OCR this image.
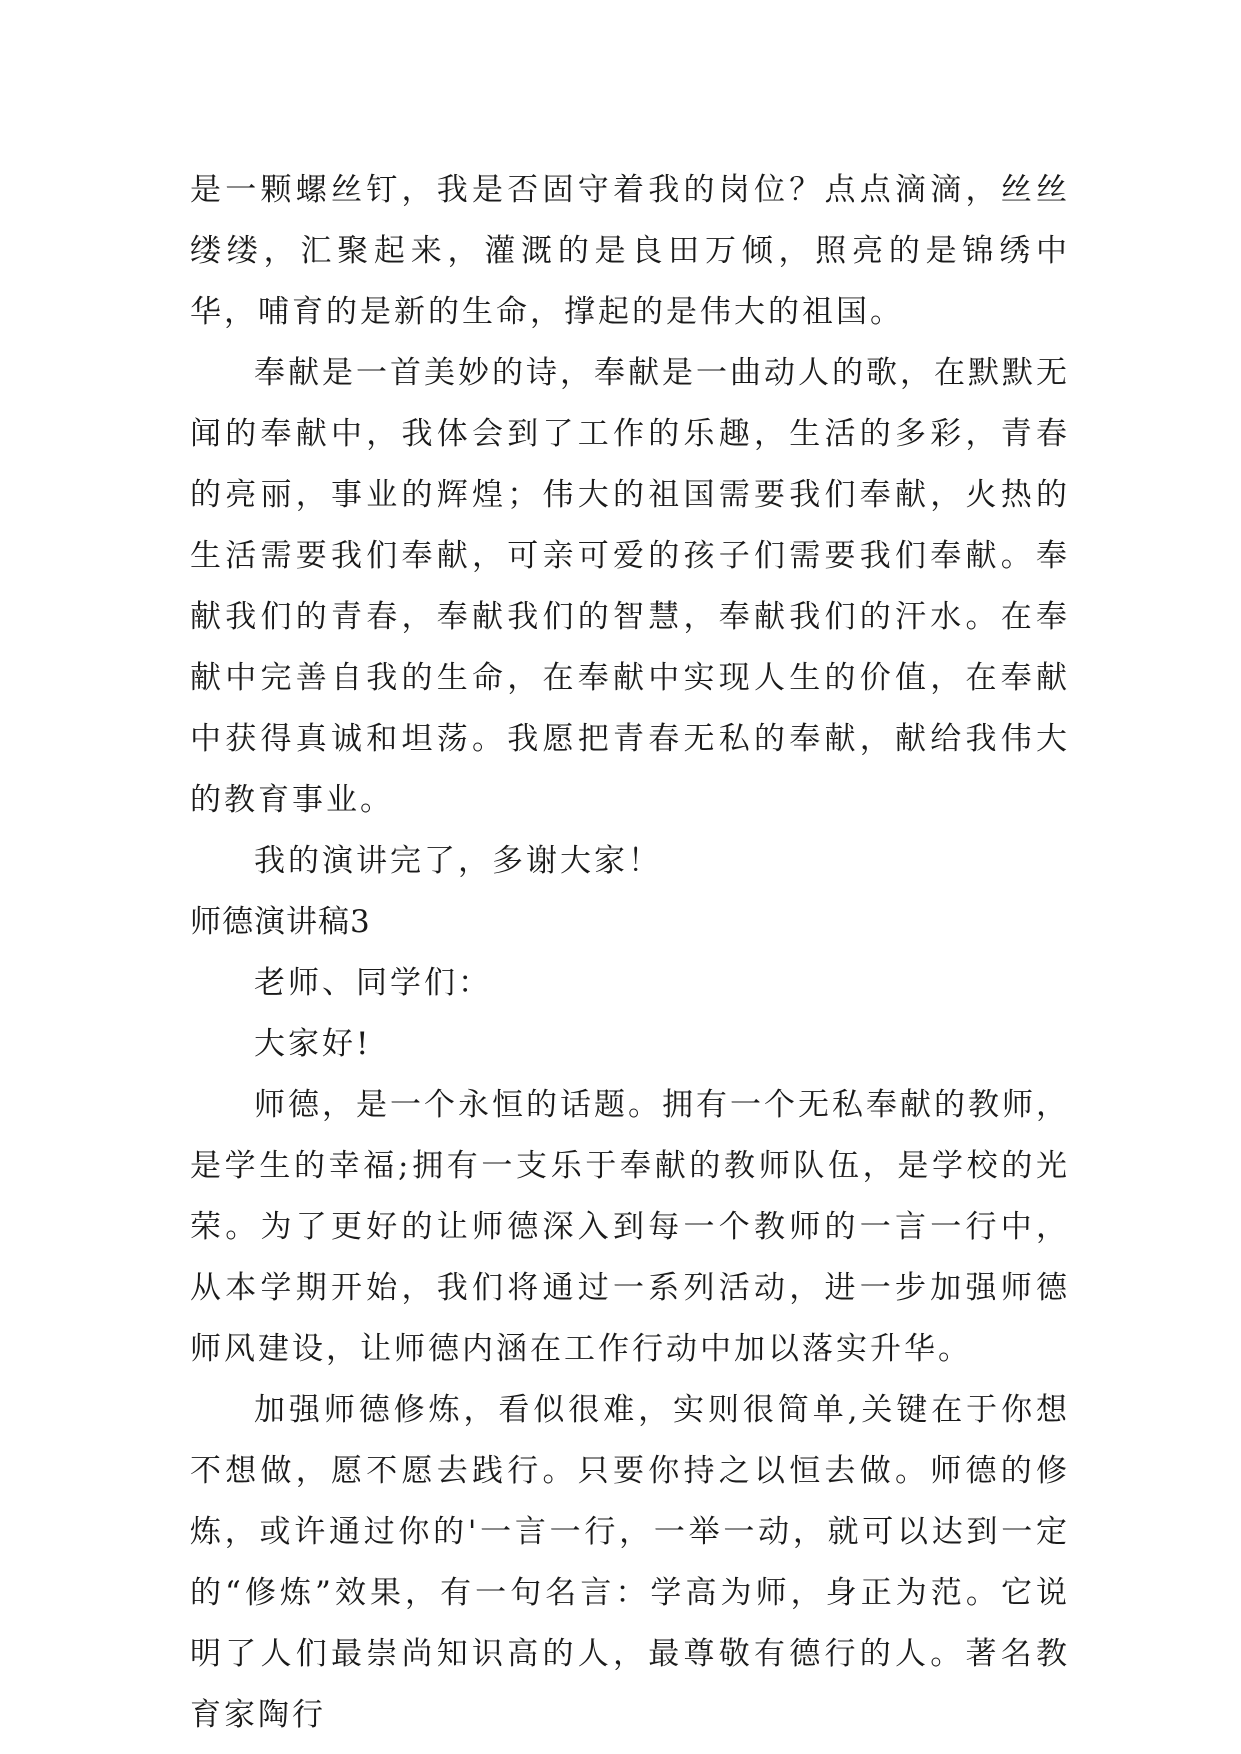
是一颗螺丝钉，我是否固守着我的岗位？点点滴滴，丝丝缕缕，汇聚起来，灌溉的是良田万倾，照亮的是锦绣中华，哺育的是新的生命，撑起的是伟大的祖国。

奉献是一首美妙的诗，奉献是一曲动人的歌，在默默无闻的奉献中，我体会到了工作的乐趣，生活的多彩，青春的亮丽，事业的辉煌；伟大的祖国需要我们奉献，火热的生活需要我们奉献，可亲可爱的孩子们需要我们奉献。奉献我们的青春，奉献我们的智慧，奉献我们的汗水。在奉献中完善自我的生命，在奉献中实现人生的价值，在奉献中获得真诚和坦荡。我愿把青春无私的奉献，献给我伟大的教育事业。

我的演讲完了，多谢大家！

师德演讲稿3

老师、同学们：

大家好!

师德，是一个永恒的话题。拥有一个无私奉献的教师，是学生的幸福;拥有一支乐于奉献的教师队伍，是学校的光荣。为了更好的让师德深入到每一个教师的一言一行中，从本学期开始，我们将通过一系列活动，进一步加强师德师风建设，让师德内涵在工作行动中加以落实升华。

加强师德修炼，看似很难，实则很简单,关键在于你想不想做，愿不愿去践行。只要你持之以恒去做。师德的修炼，或许通过你的'一言一行，一举一动，就可以达到一定的“修炼”效果，有一句名言：学高为师，身正为范。它说明了人们最崇尚知识高的人，最尊敬有德行的人。著名教育家陶行
